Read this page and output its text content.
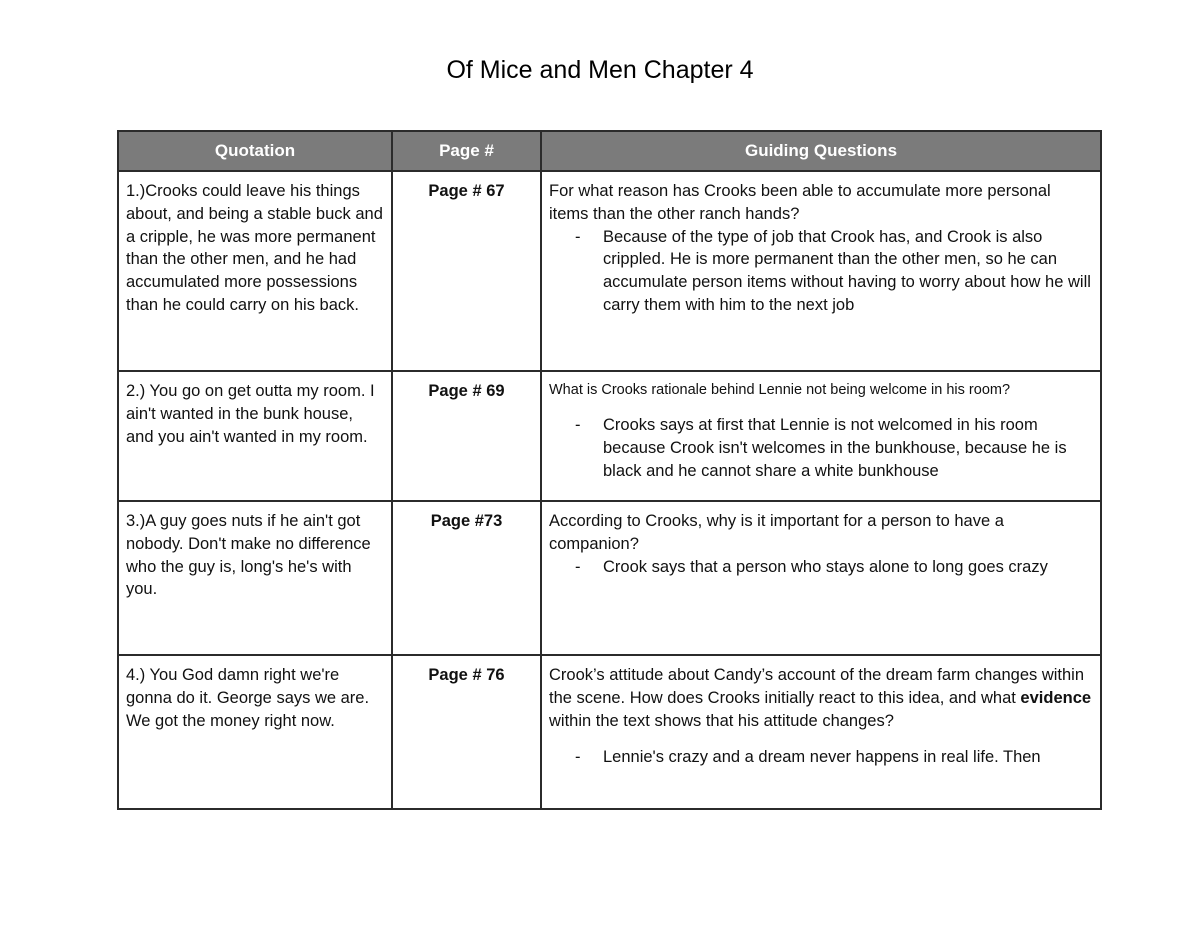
Of Mice and Men Chapter 4
Quotation	Page #	Guiding Questions
1.)Crooks could leave his things about, and being a stable buck and a cripple, he was more permanent than the other men, and he had accumulated more possessions than he could carry on his back.	Page # 67	For what reason has Crooks been able to accumulate more personal items than the other ranch hands?
- Because of the type of job that Crook has, and Crook is also crippled. He is more permanent than the other men, so he can accumulate person items without having to worry about how he will carry them with him to the next job

2.) You go on get outta my room. I ain't wanted in the bunk house, and you ain't wanted in my room.	Page # 69	What is Crooks rationale behind Lennie not being welcome in his room?
- Crooks says at first that Lennie is not welcomed in his room because Crook isn't welcomes in the bunkhouse, because he is black and he cannot share a white bunkhouse

3.)A guy goes nuts if he ain't got nobody. Don't make no difference who the guy is, long's he's with you.	Page #73	According to Crooks, why is it important for a person to have a companion?
- Crook says that a person who stays alone to long goes crazy

4.) You God damn right we're gonna do it. George says we are. We got the money right now.	Page # 76	Crook’s attitude about Candy’s account of the dream farm changes within the scene. How does Crooks initially react to this idea, and what evidence within the text shows that his attitude changes?
- Lennie's crazy and a dream never happens in real life. Then
